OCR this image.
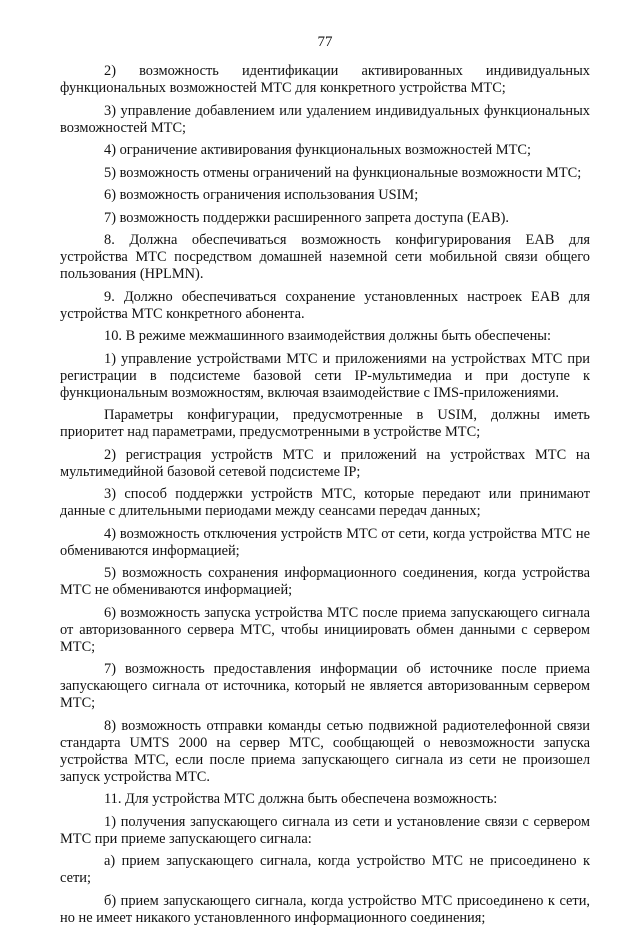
77

2) возможность идентификации активированных индивидуальных функциональных возможностей МТС для конкретного устройства МТС;

3) управление добавлением или удалением индивидуальных функциональных возможностей МТС;

4) ограничение активирования функциональных возможностей МТС;

5) возможность отмены ограничений на функциональные возможности МТС;

6) возможность ограничения использования USIM;

7) возможность поддержки расширенного запрета доступа (EAB).

8. Должна обеспечиваться возможность конфигурирования EAB для устройства МТС посредством домашней наземной сети мобильной связи общего пользования (HPLMN).

9. Должно обеспечиваться сохранение установленных настроек EAB для устройства МТС конкретного абонента.

10. В режиме межмашинного взаимодействия должны быть обеспечены:

1) управление устройствами МТС и приложениями на устройствах МТС при регистрации в подсистеме базовой сети IP-мультимедиа и при доступе к функциональным возможностям, включая взаимодействие с IMS-приложениями.

Параметры конфигурации, предусмотренные в USIM, должны иметь приоритет над параметрами, предусмотренными в устройстве МТС;

2) регистрация устройств МТС и приложений на устройствах МТС на мультимедийной базовой сетевой подсистеме IP;

3) способ поддержки устройств МТС, которые передают или принимают данные с длительными периодами между сеансами передач данных;

4) возможность отключения устройств МТС от сети, когда устройства МТС не обмениваются информацией;

5) возможность сохранения информационного соединения, когда устройства МТС не обмениваются информацией;

6) возможность запуска устройства МТС после приема запускающего сигнала от авторизованного сервера МТС, чтобы инициировать обмен данными с сервером МТС;

7) возможность предоставления информации об источнике после приема запускающего сигнала от источника, который не является авторизованным сервером МТС;

8) возможность отправки команды сетью подвижной радиотелефонной связи стандарта UMTS 2000 на сервер МТС, сообщающей о невозможности запуска устройства МТС, если после приема запускающего сигнала из сети не произошел запуск устройства МТС.

11. Для устройства МТС должна быть обеспечена возможность:

1) получения запускающего сигнала из сети и установление связи с сервером МТС при приеме запускающего сигнала:

а) прием запускающего сигнала, когда устройство МТС не присоединено к сети;

б) прием запускающего сигнала, когда устройство МТС присоединено к сети, но не имеет никакого установленного информационного соединения;
